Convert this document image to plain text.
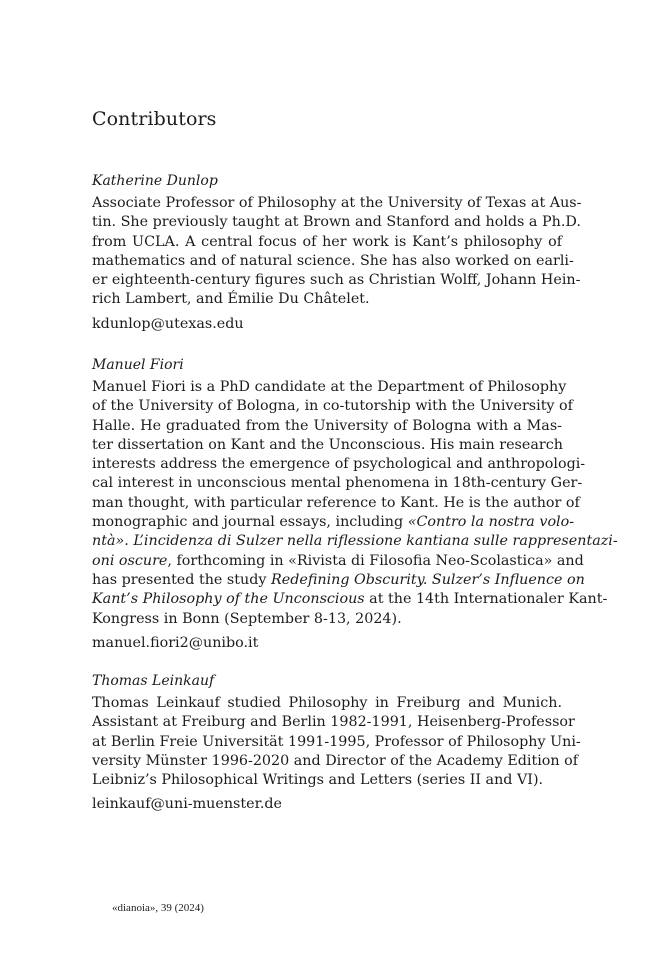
Contributors
Katherine Dunlop
Associate Professor of Philosophy at the University of Texas at Aus-
tin. She previously taught at Brown and Stanford and holds a Ph.D.
from UCLA. A central focus of her work is Kant’s philosophy of
mathematics and of natural science. She has also worked on earli-
er eighteenth-century figures such as Christian Wolff, Johann Hein-
rich Lambert, and Émilie Du Châtelet.
kdunlop@utexas.edu
Manuel Fiori
Manuel Fiori is a PhD candidate at the Department of Philosophy
of the University of Bologna, in co-tutorship with the University of
Halle. He graduated from the University of Bologna with a Mas-
ter dissertation on Kant and the Unconscious. His main research
interests address the emergence of psychological and anthropologi-
cal interest in unconscious mental phenomena in 18th-century Ger-
man thought, with particular reference to Kant. He is the author of
monographic and journal essays, including «Contro la nostra volo-
ntà». L’incidenza di Sulzer nella riflessione kantiana sulle rappresentazi-
oni oscure, forthcoming in «Rivista di Filosofia Neo-Scolastica» and
has presented the study Redefining Obscurity. Sulzer’s Influence on
Kant’s Philosophy of the Unconscious at the 14th Internationaler Kant-
Kongress in Bonn (September 8-13, 2024).
manuel.fiori2@unibo.it
Thomas Leinkauf
Thomas Leinkauf studied Philosophy in Freiburg and Munich.
Assistant at Freiburg and Berlin 1982-1991, Heisenberg-Professor
at Berlin Freie Universität 1991-1995, Professor of Philosophy Uni-
versity Münster 1996-2020 and Director of the Academy Edition of
Leibniz’s Philosophical Writings and Letters (series II and VI).
leinkauf@uni-muenster.de
«dianoia», 39 (2024)
